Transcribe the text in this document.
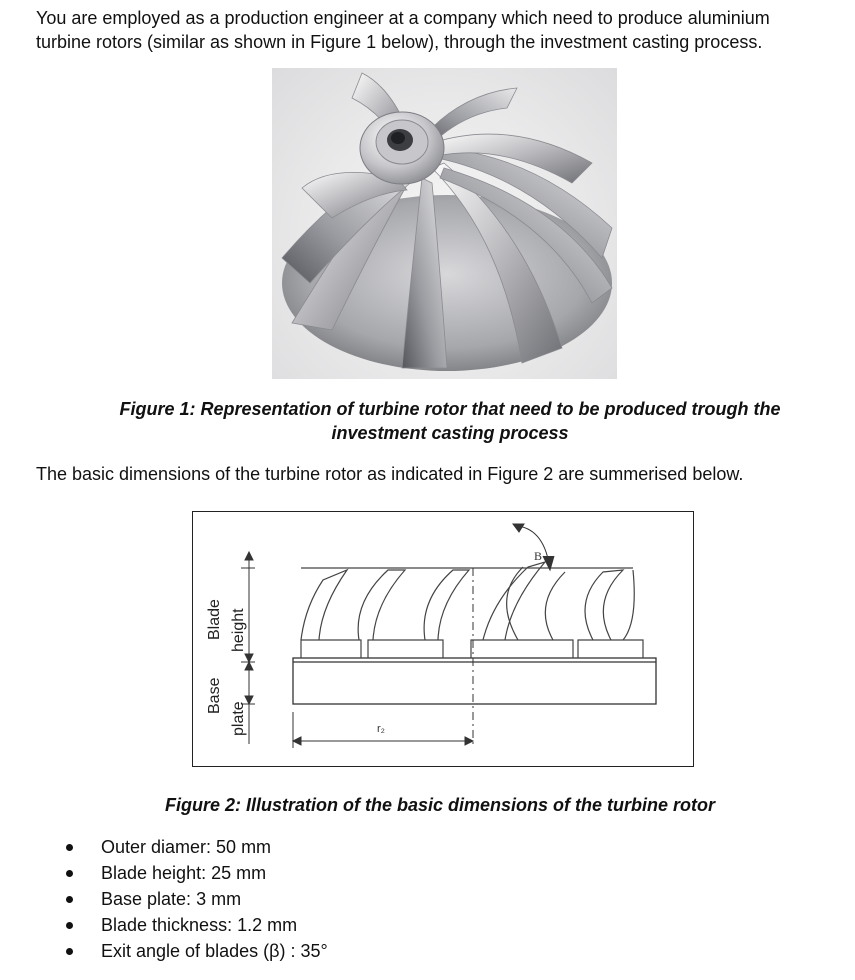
You are employed as a production engineer at a company which need to produce aluminium
turbine rotors (similar as shown in Figure 1 below), through the investment casting process.

Figure 1: Representation of turbine rotor that need to be produced trough the
investment casting process

The basic dimensions of the turbine rotor as indicated in Figure 2 are summerised below.

B
r₂
Base
plate
Blade height

Figure 2: Illustration of the basic dimensions of the turbine rotor

Outer diamer: 50 mm
Blade height: 25 mm
Base plate: 3 mm
Blade thickness: 1.2 mm
Exit angle of blades (β) : 35°
